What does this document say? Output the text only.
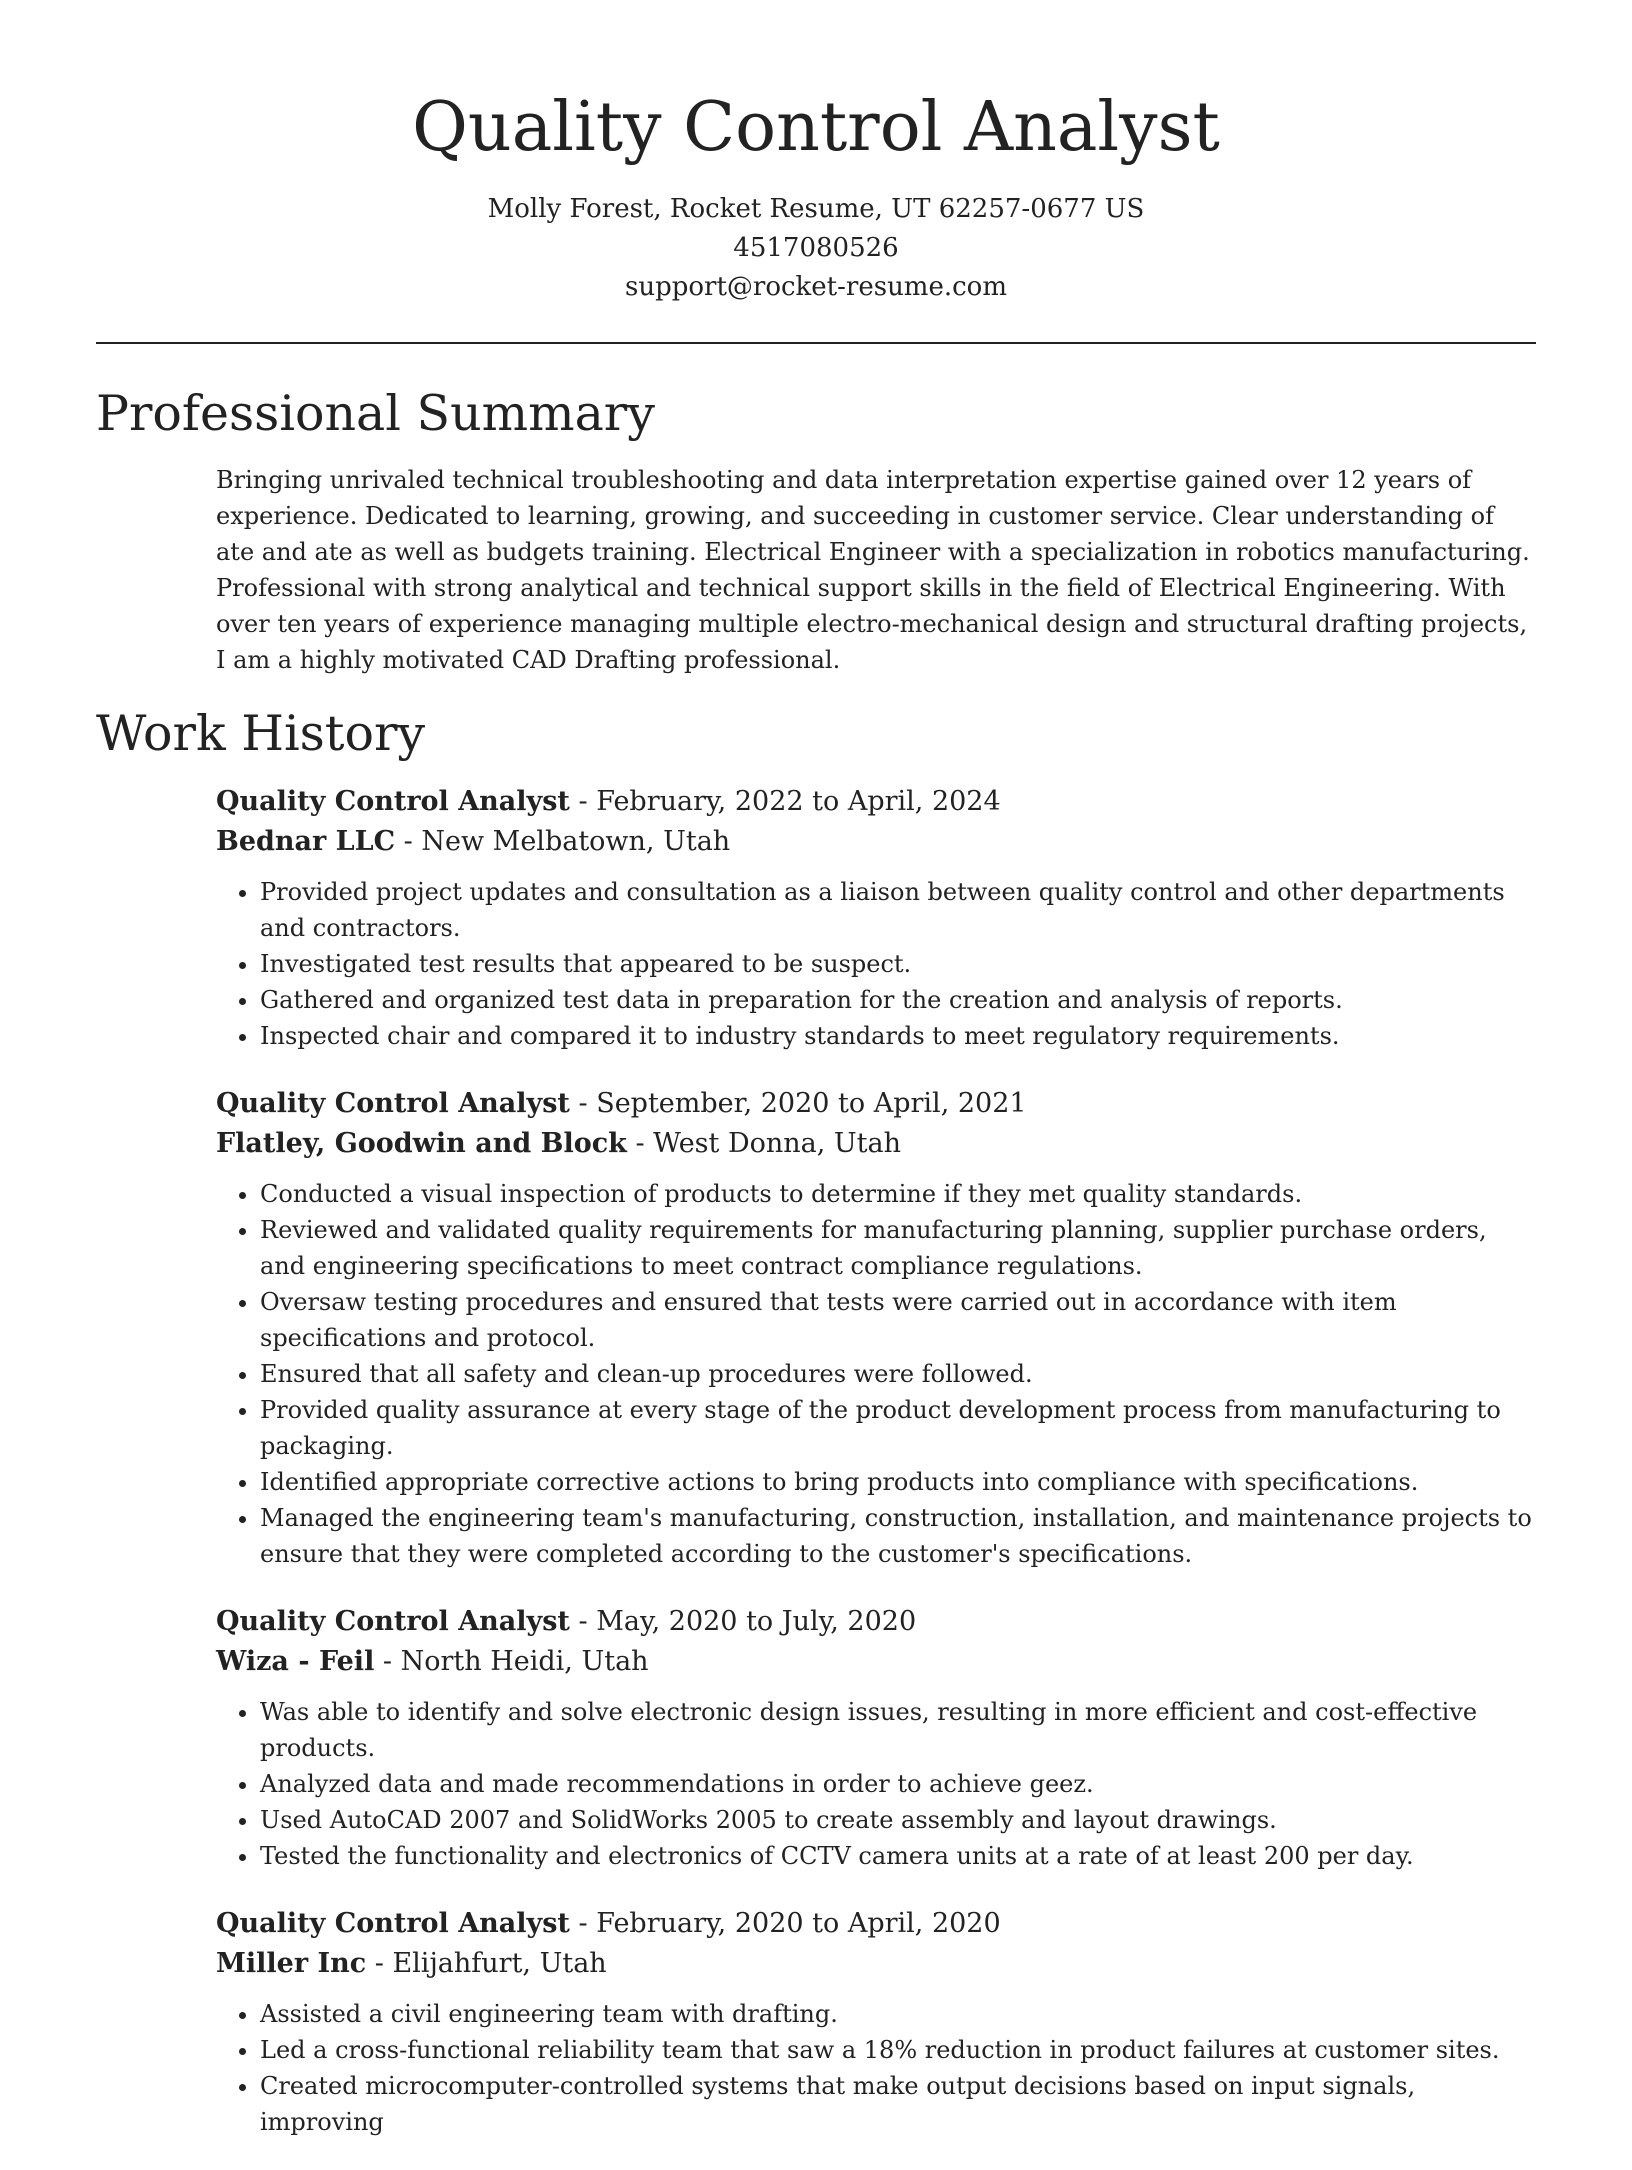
Quality Control Analyst
Molly Forest, Rocket Resume, UT 62257-0677 US
4517080526
support@rocket-resume.com
Professional Summary

Bringing unrivaled technical troubleshooting and data interpretation expertise gained over 12 years of experience. Dedicated to learning, growing, and succeeding in customer service. Clear understanding of ate and ate as well as budgets training. Electrical Engineer with a specialization in robotics manufacturing. Professional with strong analytical and technical support skills in the field of Electrical Engineering. With over ten years of experience managing multiple electro-mechanical design and structural drafting projects, I am a highly motivated CAD Drafting professional.

Work History
Quality Control Analyst - February, 2022 to April, 2024
Bednar LLC - New Melbatown, Utah
• Provided project updates and consultation as a liaison between quality control and other departments and contractors.
• Investigated test results that appeared to be suspect.
• Gathered and organized test data in preparation for the creation and analysis of reports.
• Inspected chair and compared it to industry standards to meet regulatory requirements.
Quality Control Analyst - September, 2020 to April, 2021
Flatley, Goodwin and Block - West Donna, Utah
• Conducted a visual inspection of products to determine if they met quality standards.
• Reviewed and validated quality requirements for manufacturing planning, supplier purchase orders, and engineering specifications to meet contract compliance regulations.
• Oversaw testing procedures and ensured that tests were carried out in accordance with item specifications and protocol.
• Ensured that all safety and clean-up procedures were followed.
• Provided quality assurance at every stage of the product development process from manufacturing to packaging.
• Identified appropriate corrective actions to bring products into compliance with specifications.
• Managed the engineering team's manufacturing, construction, installation, and maintenance projects to ensure that they were completed according to the customer's specifications.
Quality Control Analyst - May, 2020 to July, 2020
Wiza - Feil - North Heidi, Utah
• Was able to identify and solve electronic design issues, resulting in more efficient and cost-effective products.
• Analyzed data and made recommendations in order to achieve geez.
• Used AutoCAD 2007 and SolidWorks 2005 to create assembly and layout drawings.
• Tested the functionality and electronics of CCTV camera units at a rate of at least 200 per day.
Quality Control Analyst - February, 2020 to April, 2020
Miller Inc - Elijahfurt, Utah
• Assisted a civil engineering team with drafting.
• Led a cross-functional reliability team that saw a 18% reduction in product failures at customer sites.
• Created microcomputer-controlled systems that make output decisions based on input signals, improving
